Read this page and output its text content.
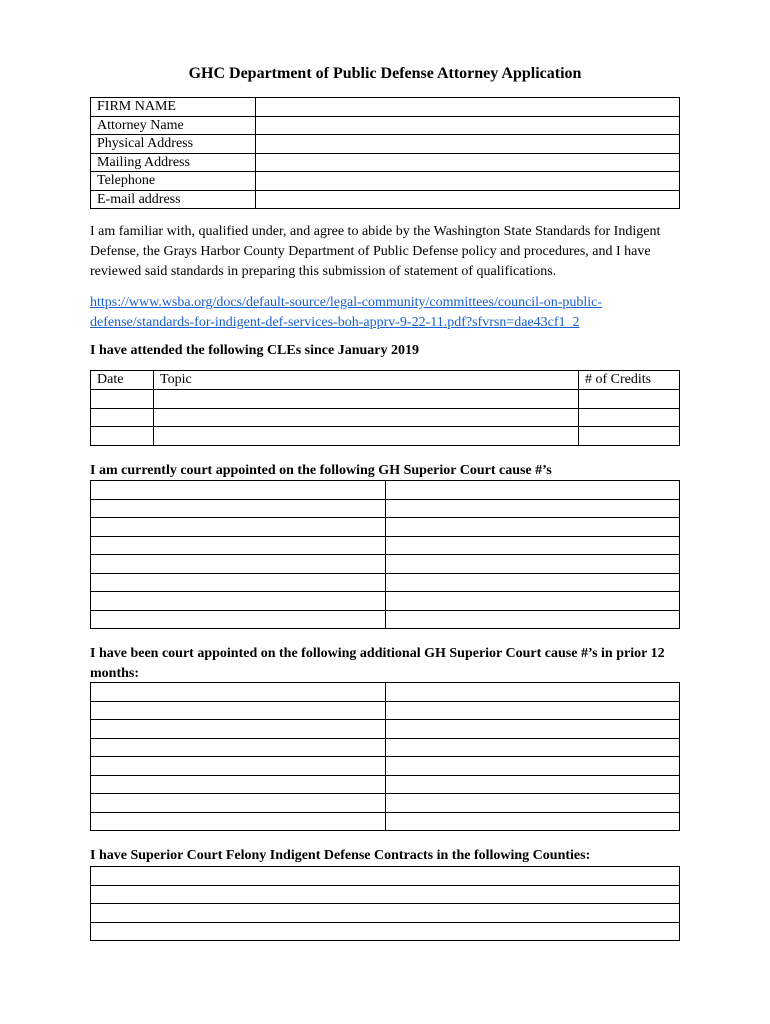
GHC Department of Public Defense Attorney Application
FIRM NAME	
Attorney Name	
Physical Address	
Mailing Address	
Telephone	
E-mail address	

I am familiar with, qualified under, and agree to abide by the Washington State Standards for Indigent Defense, the Grays Harbor County Department of Public Defense policy and procedures, and I have reviewed said standards in preparing this submission of statement of qualifications.

https://www.wsba.org/docs/default-source/legal-community/committees/council-on-public-
defense/standards-for-indigent-def-services-boh-apprv-9-22-11.pdf?sfvrsn=dae43cf1_2

I have attended the following CLEs since January 2019

Date	Topic	# of Credits

I am currently court appointed on the following GH Superior Court cause #’s

I have been court appointed on the following additional GH Superior Court cause #’s in prior 12 months:

I have Superior Court Felony Indigent Defense Contracts in the following Counties:
